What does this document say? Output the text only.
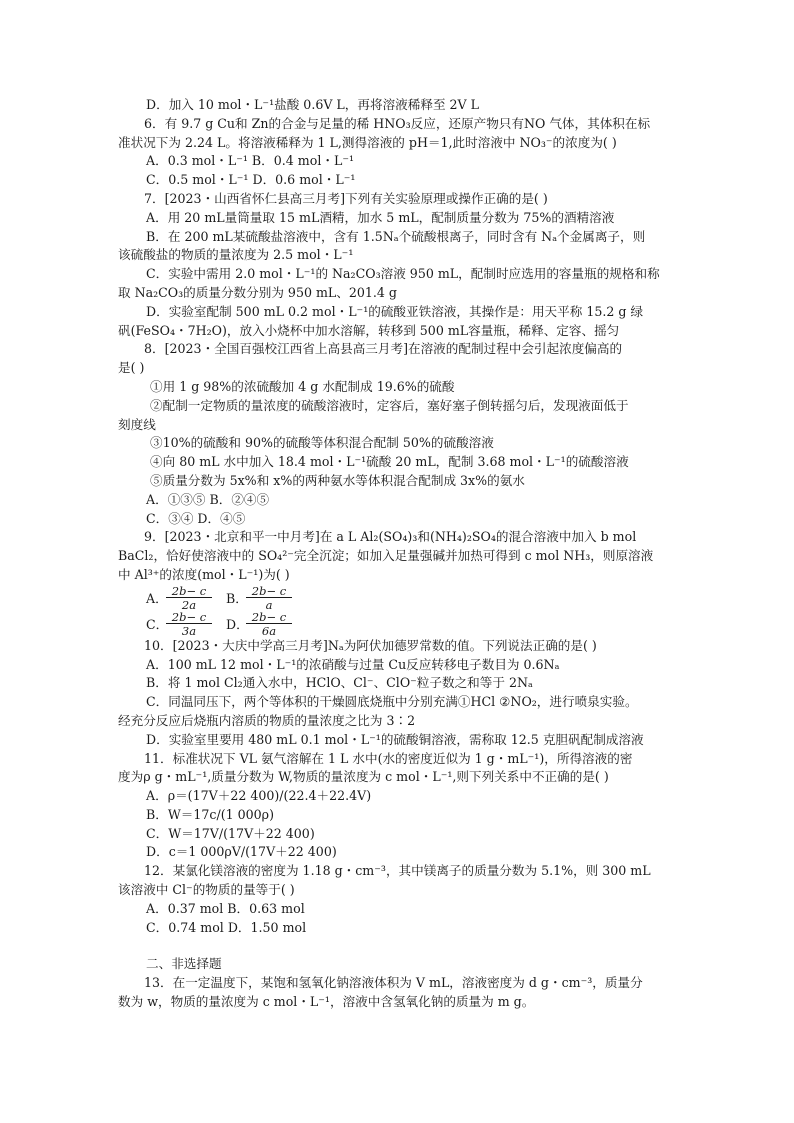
D．加入 10 mol・L⁻¹盐酸 0.6V L，再将溶液稀释至 2V L
6．有 9.7 g Cu和 Zn的合金与足量的稀 HNO₃反应，还原产物只有NO 气体，其体积在标
准状况下为 2.24 L。将溶液稀释为 1 L,测得溶液的 pH＝1,此时溶液中 NO₃⁻的浓度为( )
A．0.3 mol・L⁻¹ B．0.4 mol・L⁻¹
C．0.5 mol・L⁻¹ D．0.6 mol・L⁻¹
7．[2023・山西省怀仁县高三月考]下列有关实验原理或操作正确的是( )
A．用 20 mL量筒量取 15 mL酒精，加水 5 mL，配制质量分数为 75%的酒精溶液
B．在 200 mL某硫酸盐溶液中，含有 1.5Nₐ个硫酸根离子，同时含有 Nₐ个金属离子，则
该硫酸盐的物质的量浓度为 2.5 mol・L⁻¹
C．实验中需用 2.0 mol・L⁻¹的 Na₂CO₃溶液 950 mL，配制时应选用的容量瓶的规格和称
取 Na₂CO₃的质量分数分别为 950 mL、201.4 g
D．实验室配制 500 mL 0.2 mol・L⁻¹的硫酸亚铁溶液，其操作是：用天平称 15.2 g 绿
矾(FeSO₄・7H₂O)，放入小烧杯中加水溶解，转移到 500 mL容量瓶，稀释、定容、摇匀
8．[2023・全国百强校江西省上高县高三月考]在溶液的配制过程中会引起浓度偏高的
是( )
①用 1 g 98%的浓硫酸加 4 g 水配制成 19.6%的硫酸
②配制一定物质的量浓度的硫酸溶液时，定容后，塞好塞子倒转摇匀后，发现液面低于
刻度线
③10%的硫酸和 90%的硫酸等体积混合配制 50%的硫酸溶液
④向 80 mL 水中加入 18.4 mol・L⁻¹硫酸 20 mL，配制 3.68 mol・L⁻¹的硫酸溶液
⑤质量分数为 5x%和 x%的两种氨水等体积混合配制成 3x%的氨水
A．①③⑤ B．②④⑤
C．③④ D．④⑤
9．[2023・北京和平一中月考]在 a L Al₂(SO₄)₃和(NH₄)₂SO₄的混合溶液中加入 b mol
BaCl₂，恰好使溶液中的 SO₄²⁻完全沉淀；如加入足量强碱并加热可得到 c mol NH₃，则原溶液
中 Al³⁺的浓度(mol・L⁻¹)为( )
A．
$\frac{2b- c}{2a}$ B．
$\frac{2b- c}{a}$
C．
$\frac{2b- c}{3a}$ D．
$\frac{2b- c}{6a}$
10．[2023・大庆中学高三月考]Nₐ为阿伏加德罗常数的值。下列说法正确的是( )
A．100 mL 12 mol・L⁻¹的浓硝酸与过量 Cu反应转移电子数目为 0.6Nₐ
B．将 1 mol Cl₂通入水中，HClO、Cl⁻、ClO⁻粒子数之和等于 2Nₐ
C．同温同压下，两个等体积的干燥圆底烧瓶中分别充满①HCl ②NO₂，进行喷泉实验。
经充分反应后烧瓶内溶质的物质的量浓度之比为 3∶2
D．实验室里要用 480 mL 0.1 mol・L⁻¹的硫酸铜溶液，需称取 12.5 克胆矾配制成溶液
11．标准状况下 VL 氨气溶解在 1 L 水中(水的密度近似为 1 g・mL⁻¹)，所得溶液的密
度为ρ g・mL⁻¹,质量分数为 W,物质的量浓度为 c mol・L⁻¹,则下列关系中不正确的是( )
A．ρ＝(17V＋22 400)/(22.4＋22.4V)
B．W＝17c/(1 000ρ)
C．W＝17V/(17V＋22 400)
D．c＝1 000ρV/(17V＋22 400)
12．某氯化镁溶液的密度为 1.18 g・cm⁻³，其中镁离子的质量分数为 5.1%，则 300 mL
该溶液中 Cl⁻的物质的量等于( )
A．0.37 mol B．0.63 mol
C．0.74 mol D．1.50 mol
二、非选择题
13．在一定温度下，某饱和氢氧化钠溶液体积为 V mL，溶液密度为 d g・cm⁻³，质量分
数为 w，物质的量浓度为 c mol・L⁻¹，溶液中含氢氧化钠的质量为 m g。
